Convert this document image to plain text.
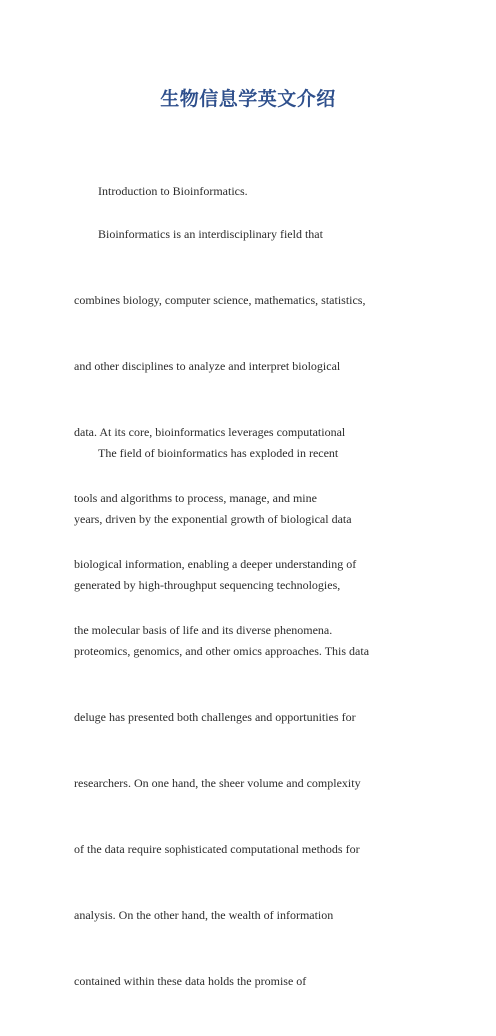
生物信息学英文介绍

Introduction to Bioinformatics.

Bioinformatics is an interdisciplinary field that

combines biology, computer science, mathematics, statistics,

and other disciplines to analyze and interpret biological

data. At its core, bioinformatics leverages computational

tools and algorithms to process, manage, and mine

biological information, enabling a deeper understanding of

the molecular basis of life and its diverse phenomena.

The field of bioinformatics has exploded in recent

years, driven by the exponential growth of biological data

generated by high-throughput sequencing technologies,

proteomics, genomics, and other omics approaches. This data

deluge has presented both challenges and opportunities for

researchers. On one hand, the sheer volume and complexity

of the data require sophisticated computational methods for

analysis. On the other hand, the wealth of information

contained within these data holds the promise of
